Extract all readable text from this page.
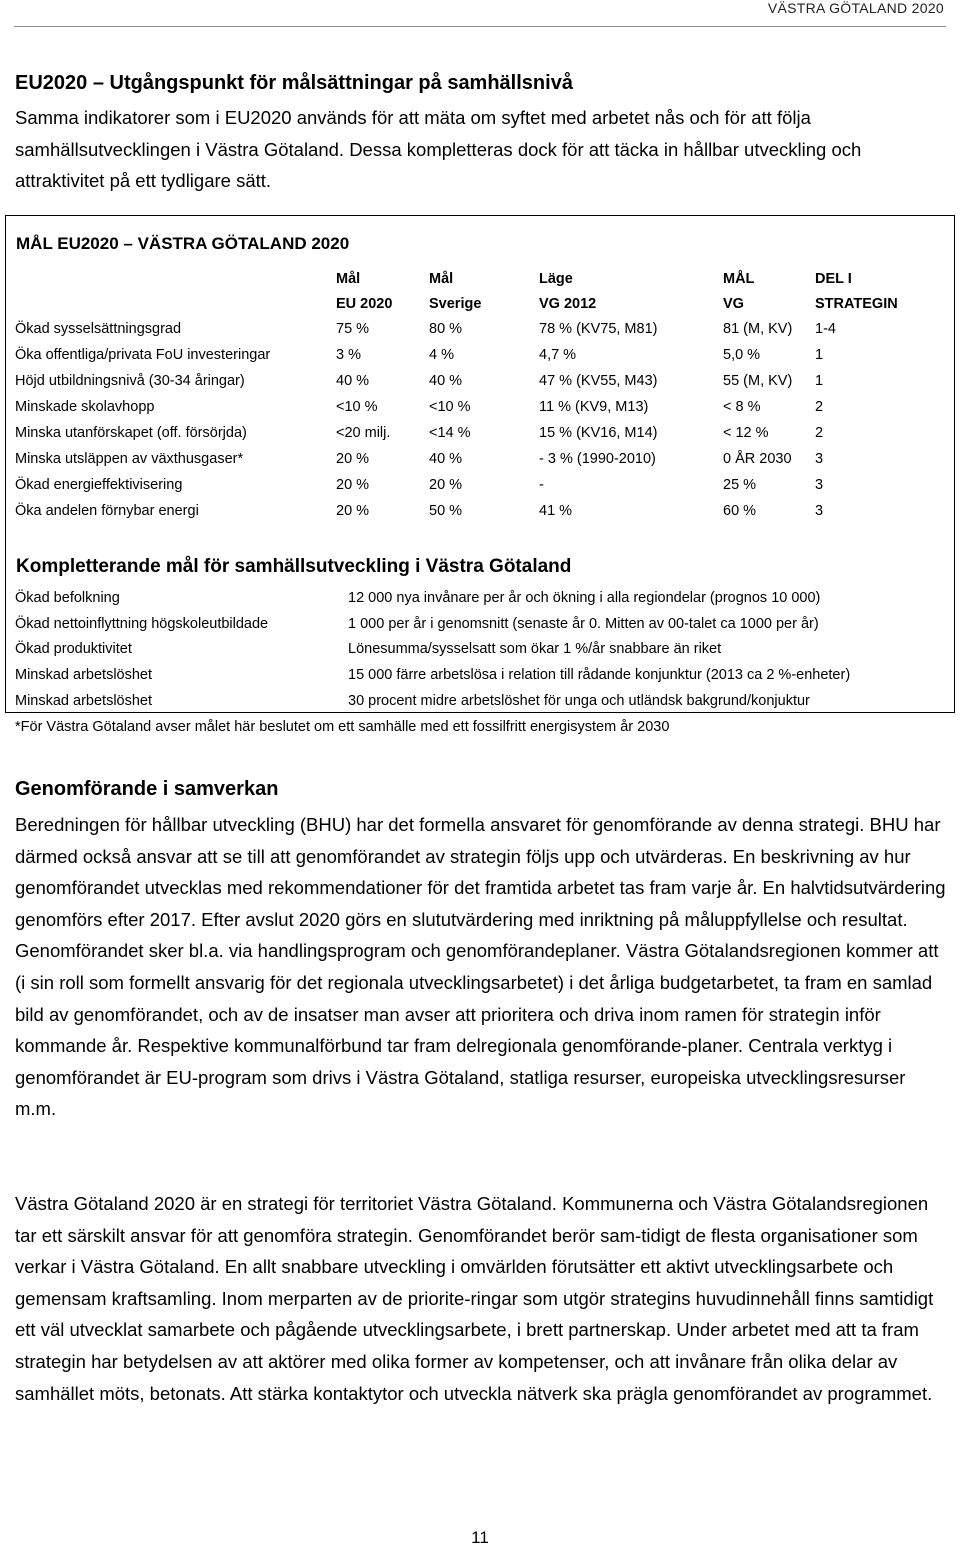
VÄSTRA GÖTALAND 2020
EU2020 – Utgångspunkt för målsättningar på samhällsnivå

Samma indikatorer som i EU2020 används för att mäta om syftet med arbetet nås och för att följa samhällsutvecklingen i Västra Götaland. Dessa kompletteras dock för att täcka in hållbar utveckling och attraktivitet på ett tydligare sätt.

MÅL EU2020 – VÄSTRA GÖTALAND 2020
	Mål	Mål	Läge	MÅL	DEL I
	EU 2020	Sverige	VG 2012	VG	STRATEGIN
Ökad sysselsättningsgrad	75 %	80 %	78 % (KV75, M81)	81 (M, KV)	1-4
Öka offentliga/privata FoU investeringar	3 %	4 %	4,7 %	5,0 %	1
Höjd utbildningsnivå (30-34 åringar)	40 %	40 %	47 % (KV55, M43)	55 (M, KV)	1
Minskade skolavhopp	<10 %	<10 %	11 % (KV9, M13)	< 8 %	2
Minska utanförskapet (off. försörjda)	<20 milj.	<14 %	15 % (KV16, M14)	< 12 %	2
Minska utsläppen av växthusgaser*	20 %	40 %	- 3 % (1990-2010)	0 ÅR 2030	3
Ökad energieffektivisering	20 %	20 %	-	25 %	3
Öka andelen förnybar energi	20 %	50 %	41 %	60 %	3
Kompletterande mål för samhällsutveckling i Västra Götaland
Ökad befolkning	12 000 nya invånare per år och ökning i alla regiondelar (prognos 10 000)
Ökad nettoinflyttning högskoleutbildade	1 000 per år i genomsnitt (senaste år 0. Mitten av 00-talet ca 1000 per år)
Ökad produktivitet	Lönesumma/sysselsatt som ökar 1 %/år snabbare än riket
Minskad arbetslöshet	15 000 färre arbetslösa i relation till rådande konjunktur (2013 ca 2 %-enheter)
Minskad arbetslöshet	30 procent midre arbetslöshet för unga och utländsk bakgrund/konjuktur

*För Västra Götaland avser målet här beslutet om ett samhälle med ett fossilfritt energisystem år 2030

Genomförande i samverkan

Beredningen för hållbar utveckling (BHU) har det formella ansvaret för genomförande av denna strategi. BHU har därmed också ansvar att se till att genomförandet av strategin följs upp och utvärderas. En beskrivning av hur genomförandet utvecklas med rekommendationer för det framtida arbetet tas fram varje år. En halvtidsutvärdering genomförs efter 2017. Efter avslut 2020 görs en slututvärdering med inriktning på måluppfyllelse och resultat. Genomförandet sker bl.a. via handlingsprogram och genomförandeplaner. Västra Götalandsregionen kommer att (i sin roll som formellt ansvarig för det regionala utvecklingsarbetet) i det årliga budgetarbetet, ta fram en samlad bild av genomförandet, och av de insatser man avser att prioritera och driva inom ramen för strategin inför kommande år. Respektive kommunalförbund tar fram delregionala genomförande-planer. Centrala verktyg i genomförandet är EU-program som drivs i Västra Götaland, statliga resurser, europeiska utvecklingsresurser m.m.

Västra Götaland 2020 är en strategi för territoriet Västra Götaland. Kommunerna och Västra Götalandsregionen tar ett särskilt ansvar för att genomföra strategin. Genomförandet berör sam-tidigt de flesta organisationer som verkar i Västra Götaland. En allt snabbare utveckling i omvärlden förutsätter ett aktivt utvecklingsarbete och gemensam kraftsamling. Inom merparten av de priorite-ringar som utgör strategins huvudinnehåll finns samtidigt ett väl utvecklat samarbete och pågående utvecklingsarbete, i brett partnerskap. Under arbetet med att ta fram strategin har betydelsen av att aktörer med olika former av kompetenser, och att invånare från olika delar av samhället möts, betonats. Att stärka kontaktytor och utveckla nätverk ska prägla genomförandet av programmet.

11
